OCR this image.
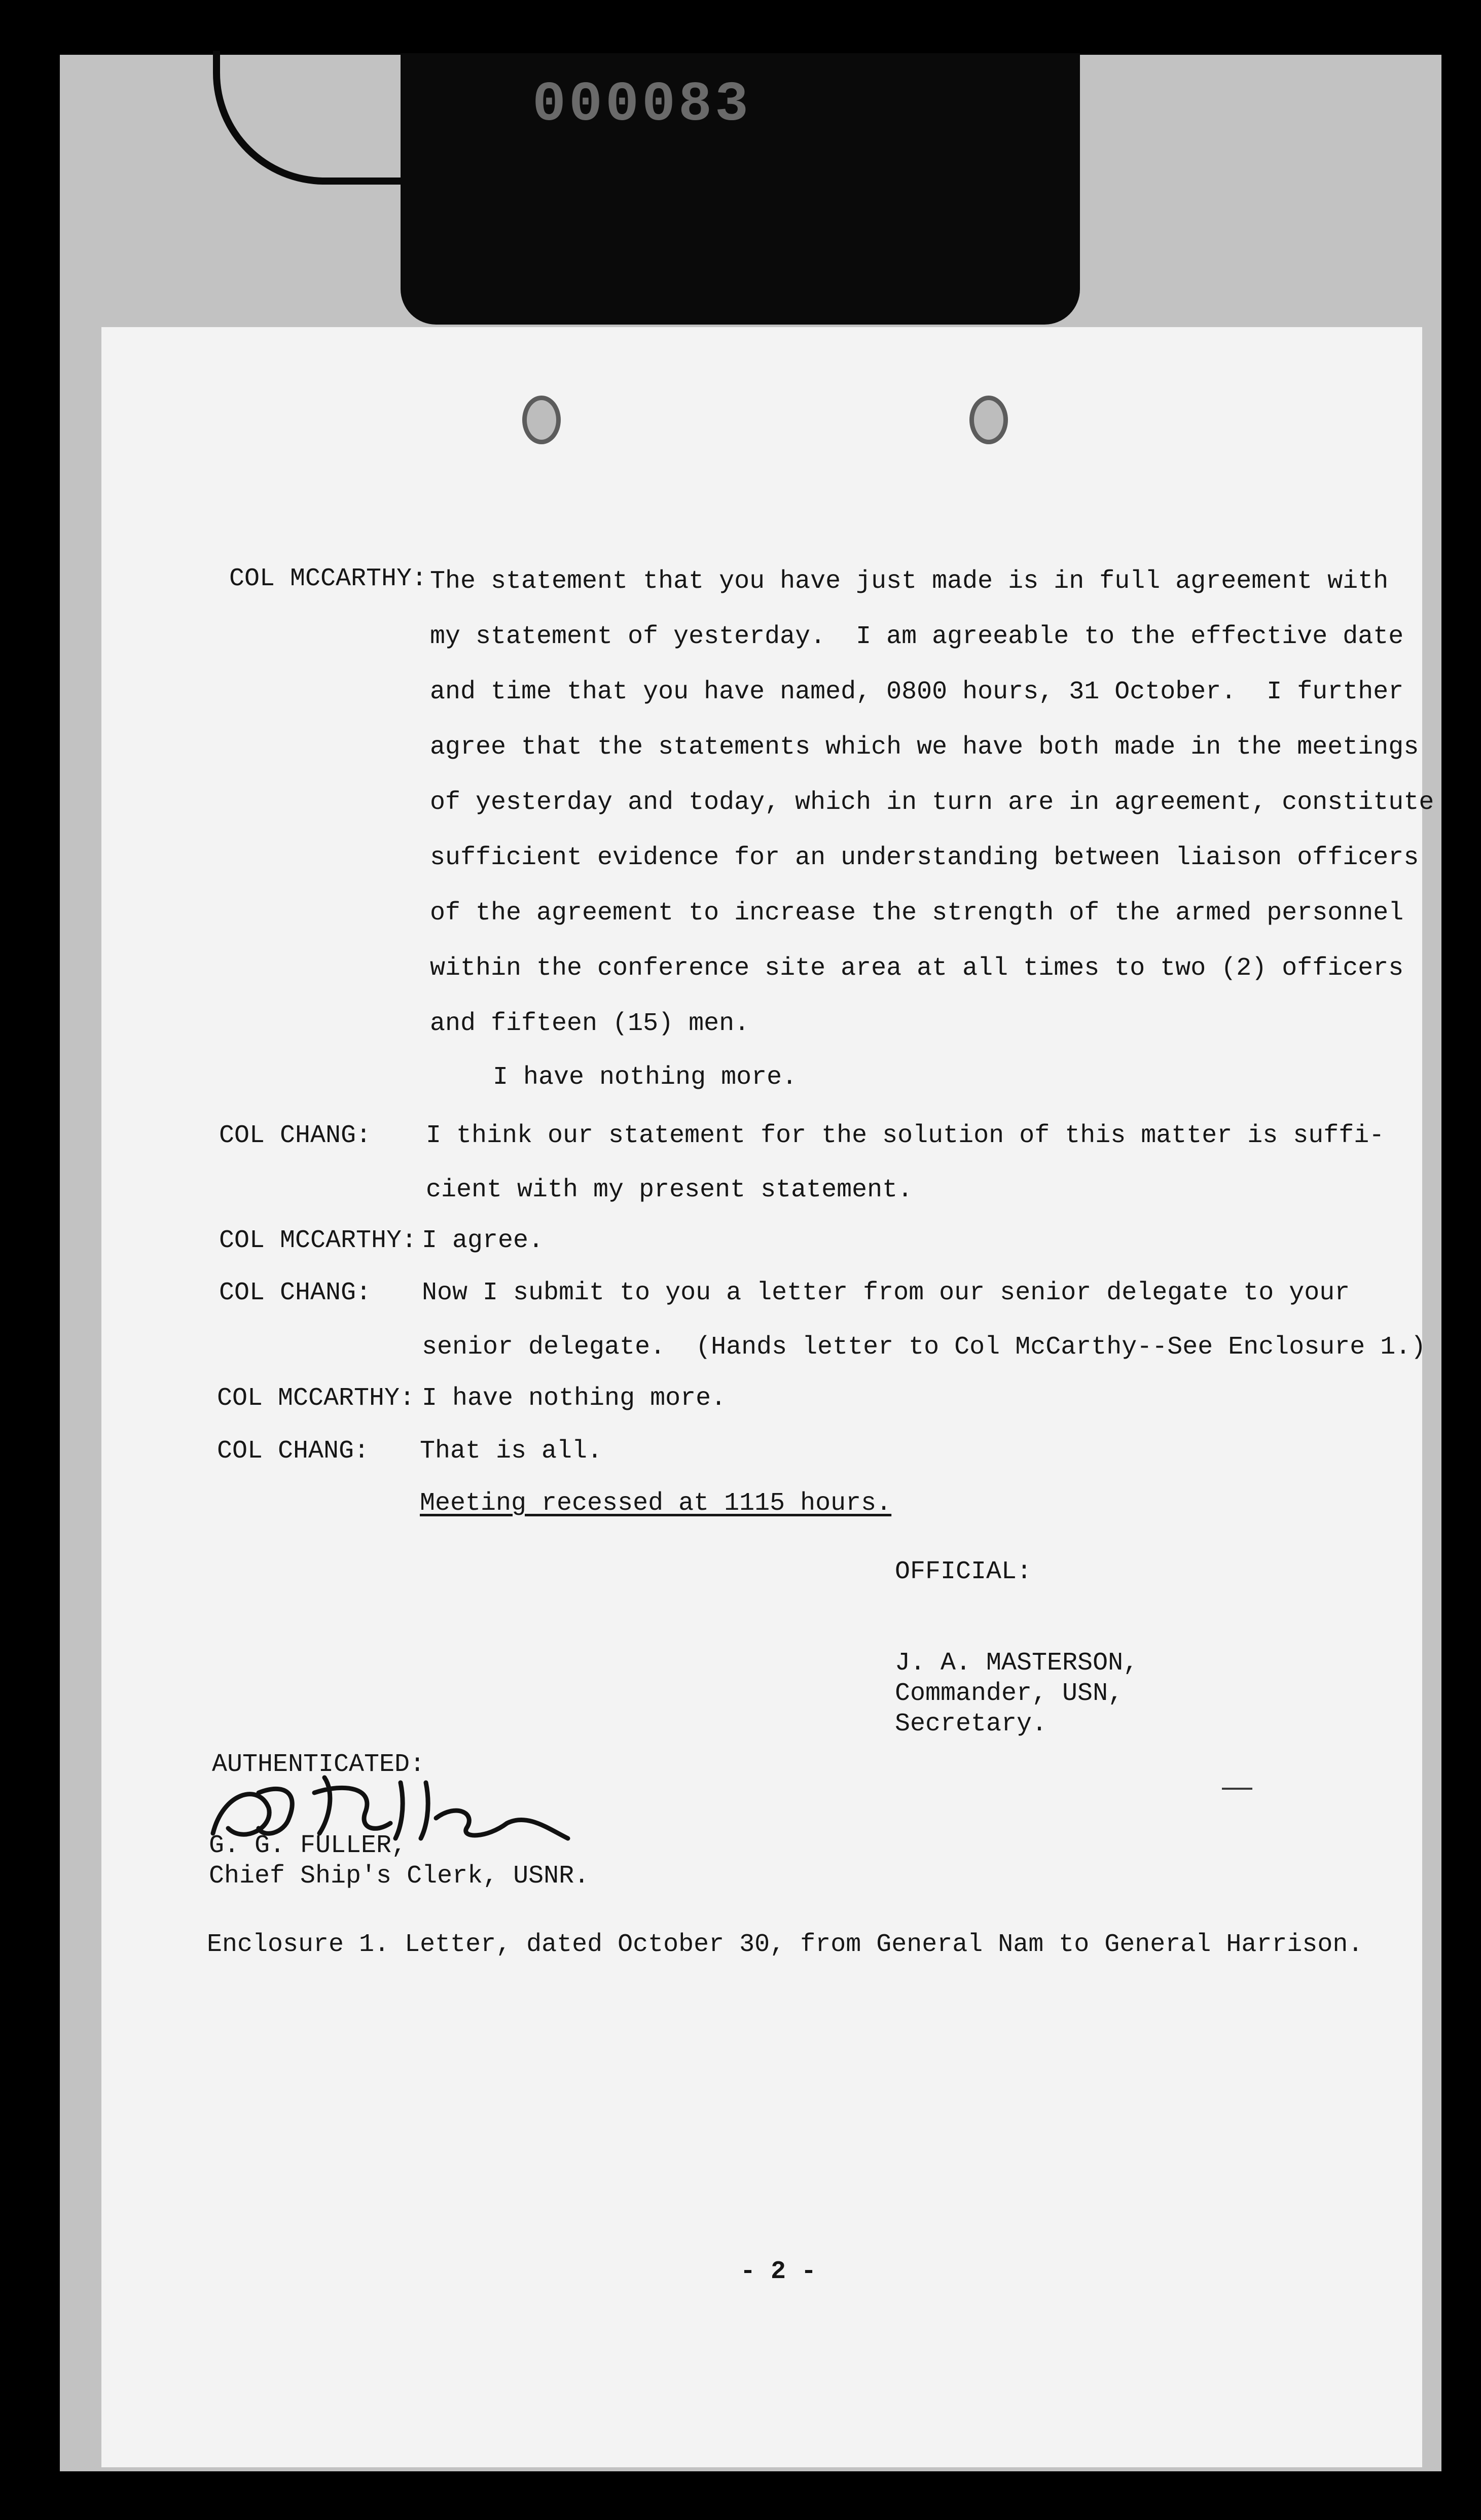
000083
COL MCCARTHY: The statement that you have just made is in full agreement with
my statement of yesterday.  I am agreeable to the effective date
and time that you have named, 0800 hours, 31 October.  I further
agree that the statements which we have both made in the meetings
of yesterday and today, which in turn are in agreement, constitute
sufficient evidence for an understanding between liaison officers
of the agreement to increase the strength of the armed personnel
within the conference site area at all times to two (2) officers
and fifteen (15) men.
I have nothing more.
COL CHANG: I think our statement for the solution of this matter is suffi-
cient with my present statement.
COL MCCARTHY: I agree.
COL CHANG: Now I submit to you a letter from our senior delegate to your
senior delegate.  (Hands letter to Col McCarthy--See Enclosure 1.)
COL MCCARTHY: I have nothing more.
COL CHANG: That is all.
Meeting recessed at 1115 hours.
OFFICIAL:
J. A. MASTERSON,
Commander, USN,
Secretary.
AUTHENTICATED:
G. G. FULLER,
Chief Ship's Clerk, USNR.
Enclosure 1. Letter, dated October 30, from General Nam to General Harrison.
- 2 -
